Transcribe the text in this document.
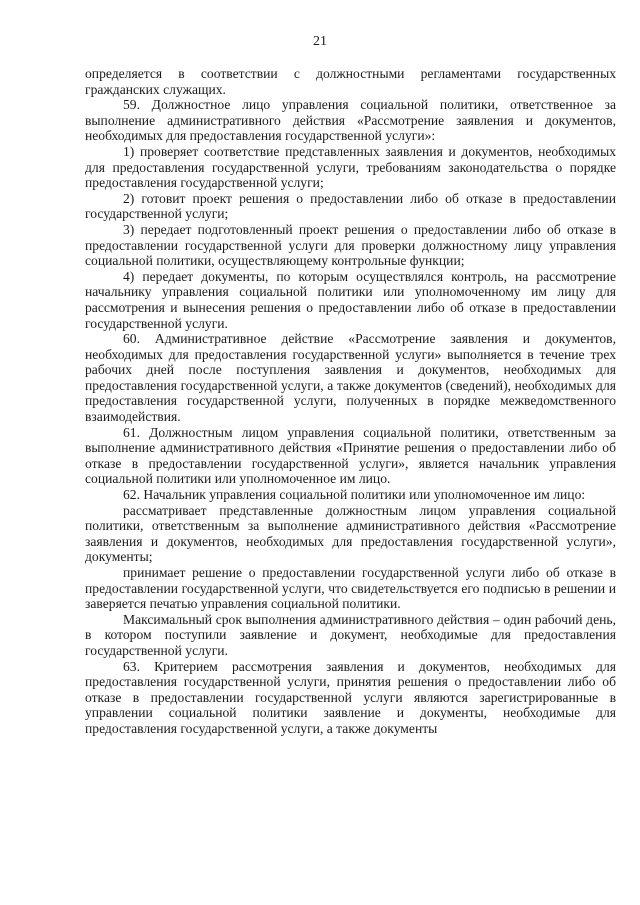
21

определяется в соответствии с должностными регламентами государственных гражданских служащих.

59. Должностное лицо управления социальной политики, ответственное за выполнение административного действия «Рассмотрение заявления и документов, необходимых для предоставления государственной услуги»:

1) проверяет соответствие представленных заявления и документов, необходимых для предоставления государственной услуги, требованиям законодательства о порядке предоставления государственной услуги;

2) готовит проект решения о предоставлении либо об отказе в предоставлении государственной услуги;

3) передает подготовленный проект решения о предоставлении либо об отказе в предоставлении государственной услуги для проверки должностному лицу управления социальной политики, осуществляющему контрольные функции;

4) передает документы, по которым осуществлялся контроль, на рассмотрение начальнику управления социальной политики или уполномоченному им лицу для рассмотрения и вынесения решения о предоставлении либо об отказе в предоставлении государственной услуги.

60. Административное действие «Рассмотрение заявления и документов, необходимых для предоставления государственной услуги» выполняется в течение трех рабочих дней после поступления заявления и документов, необходимых для предоставления государственной услуги, а также документов (сведений), необходимых для предоставления государственной услуги, полученных в порядке межведомственного взаимодействия.

61. Должностным лицом управления социальной политики, ответственным за выполнение административного действия «Принятие решения о предоставлении либо об отказе в предоставлении государственной услуги», является начальник управления социальной политики или уполномоченное им лицо.

62. Начальник управления социальной политики или уполномоченное им лицо:

рассматривает представленные должностным лицом управления социальной политики, ответственным за выполнение административного действия «Рассмотрение заявления и документов, необходимых для предоставления государственной услуги», документы;

принимает решение о предоставлении государственной услуги либо об отказе в предоставлении государственной услуги, что свидетельствуется его подписью в решении и заверяется печатью управления социальной политики.

Максимальный срок выполнения административного действия – один рабочий день, в котором поступили заявление и документ, необходимые для предоставления государственной услуги.

63. Критерием рассмотрения заявления и документов, необходимых для предоставления государственной услуги, принятия решения о предоставлении либо об отказе в предоставлении государственной услуги являются зарегистрированные в управлении социальной политики заявление и документы, необходимые для предоставления государственной услуги, а также документы
